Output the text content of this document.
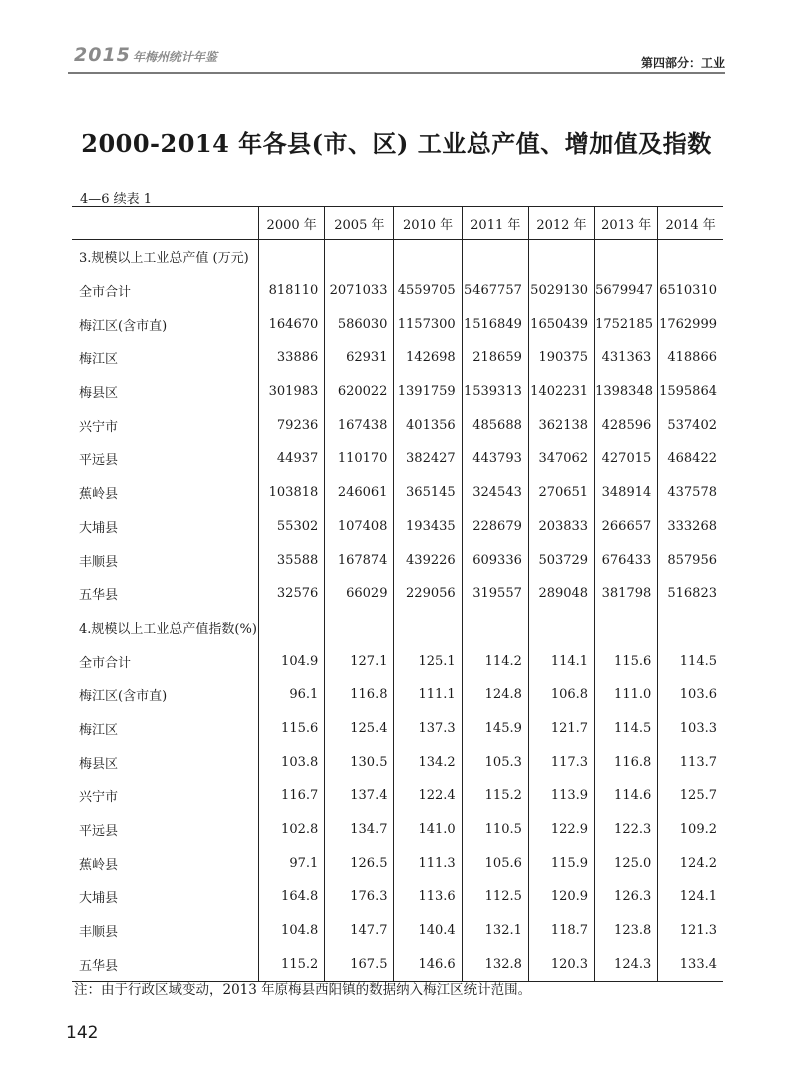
2015 年梅州统计年鉴	第四部分：工业
2000-2014 年各县(市、区) 工业总产值、增加值及指数
4—6 续表 1
	2000 年	2005 年	2010 年	2011 年	2012 年	2013 年	2014 年
3.规模以上工业总产值 (万元)							
全市合计	818110	2071033	4559705	5467757	5029130	5679947	6510310
梅江区(含市直)	164670	586030	1157300	1516849	1650439	1752185	1762999
梅江区	33886	62931	142698	218659	190375	431363	418866
梅县区	301983	620022	1391759	1539313	1402231	1398348	1595864
兴宁市	79236	167438	401356	485688	362138	428596	537402
平远县	44937	110170	382427	443793	347062	427015	468422
蕉岭县	103818	246061	365145	324543	270651	348914	437578
大埔县	55302	107408	193435	228679	203833	266657	333268
丰顺县	35588	167874	439226	609336	503729	676433	857956
五华县	32576	66029	229056	319557	289048	381798	516823
4.规模以上工业总产值指数(%)							
全市合计	104.9	127.1	125.1	114.2	114.1	115.6	114.5
梅江区(含市直)	96.1	116.8	111.1	124.8	106.8	111.0	103.6
梅江区	115.6	125.4	137.3	145.9	121.7	114.5	103.3
梅县区	103.8	130.5	134.2	105.3	117.3	116.8	113.7
兴宁市	116.7	137.4	122.4	115.2	113.9	114.6	125.7
平远县	102.8	134.7	141.0	110.5	122.9	122.3	109.2
蕉岭县	97.1	126.5	111.3	105.6	115.9	125.0	124.2
大埔县	164.8	176.3	113.6	112.5	120.9	126.3	124.1
丰顺县	104.8	147.7	140.4	132.1	118.7	123.8	121.3
五华县	115.2	167.5	146.6	132.8	120.3	124.3	133.4
注：由于行政区域变动，2013 年原梅县西阳镇的数据纳入梅江区统计范围。
142
